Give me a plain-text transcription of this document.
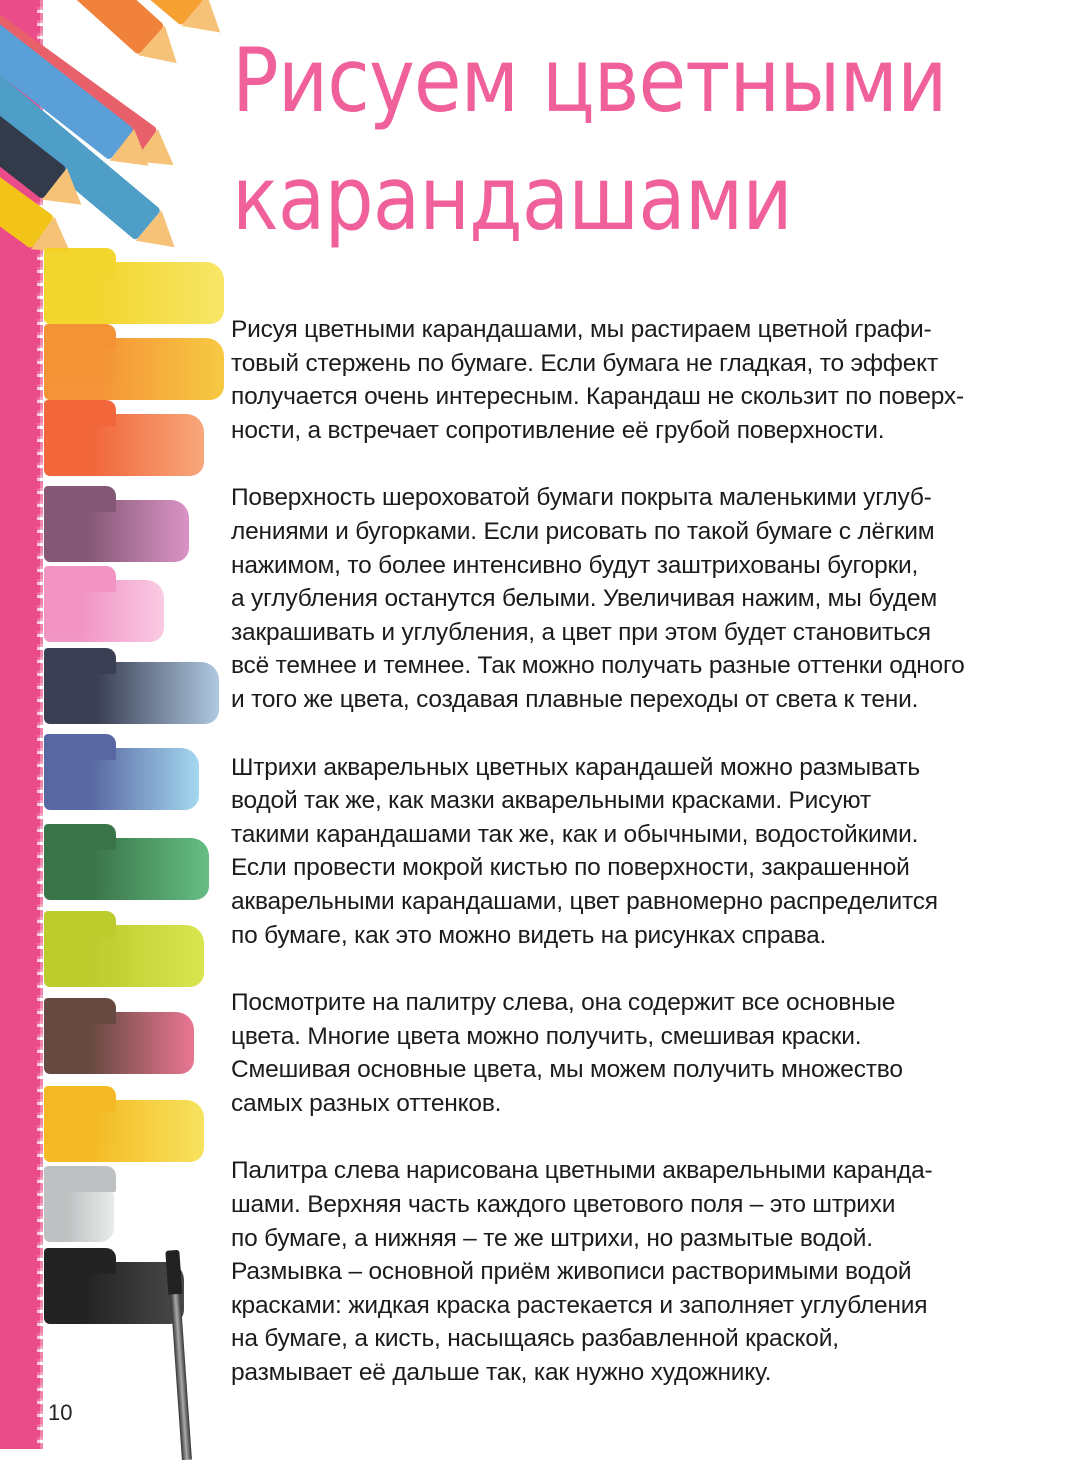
Рисуем цветными
карандашами

Рисуя цветными карандашами, мы растираем цветной графи-
товый стержень по бумаге. Если бумага не гладкая, то эффект
получается очень интересным. Карандаш не скользит по поверх-
ности, а встречает сопротивление её грубой поверхности.

Поверхность шероховатой бумаги покрыта маленькими углуб-
лениями и бугорками. Если рисовать по такой бумаге с лёгким
нажимом, то более интенсивно будут заштрихованы бугорки,
а углубления останутся белыми. Увеличивая нажим, мы будем
закрашивать и углубления, а цвет при этом будет становиться
всё темнее и темнее. Так можно получать разные оттенки одного
и того же цвета, создавая плавные переходы от света к тени.

Штрихи акварельных цветных карандашей можно размывать
водой так же, как мазки акварельными красками. Рисуют
такими карандашами так же, как и обычными, водостойкими.
Если провести мокрой кистью по поверхности, закрашенной
акварельными карандашами, цвет равномерно распределится
по бумаге, как это можно видеть на рисунках справа.

Посмотрите на палитру слева, она содержит все основные
цвета. Многие цвета можно получить, смешивая краски.
Смешивая основные цвета, мы можем получить множество
самых разных оттенков.

Палитра слева нарисована цветными акварельными каранда-
шами. Верхняя часть каждого цветового поля – это штрихи
по бумаге, а нижняя – те же штрихи, но размытые водой.
Размывка – основной приём живописи растворимыми водой
красками: жидкая краска растекается и заполняет углубления
на бумаге, а кисть, насыщаясь разбавленной краской,
размывает её дальше так, как нужно художнику.

10
